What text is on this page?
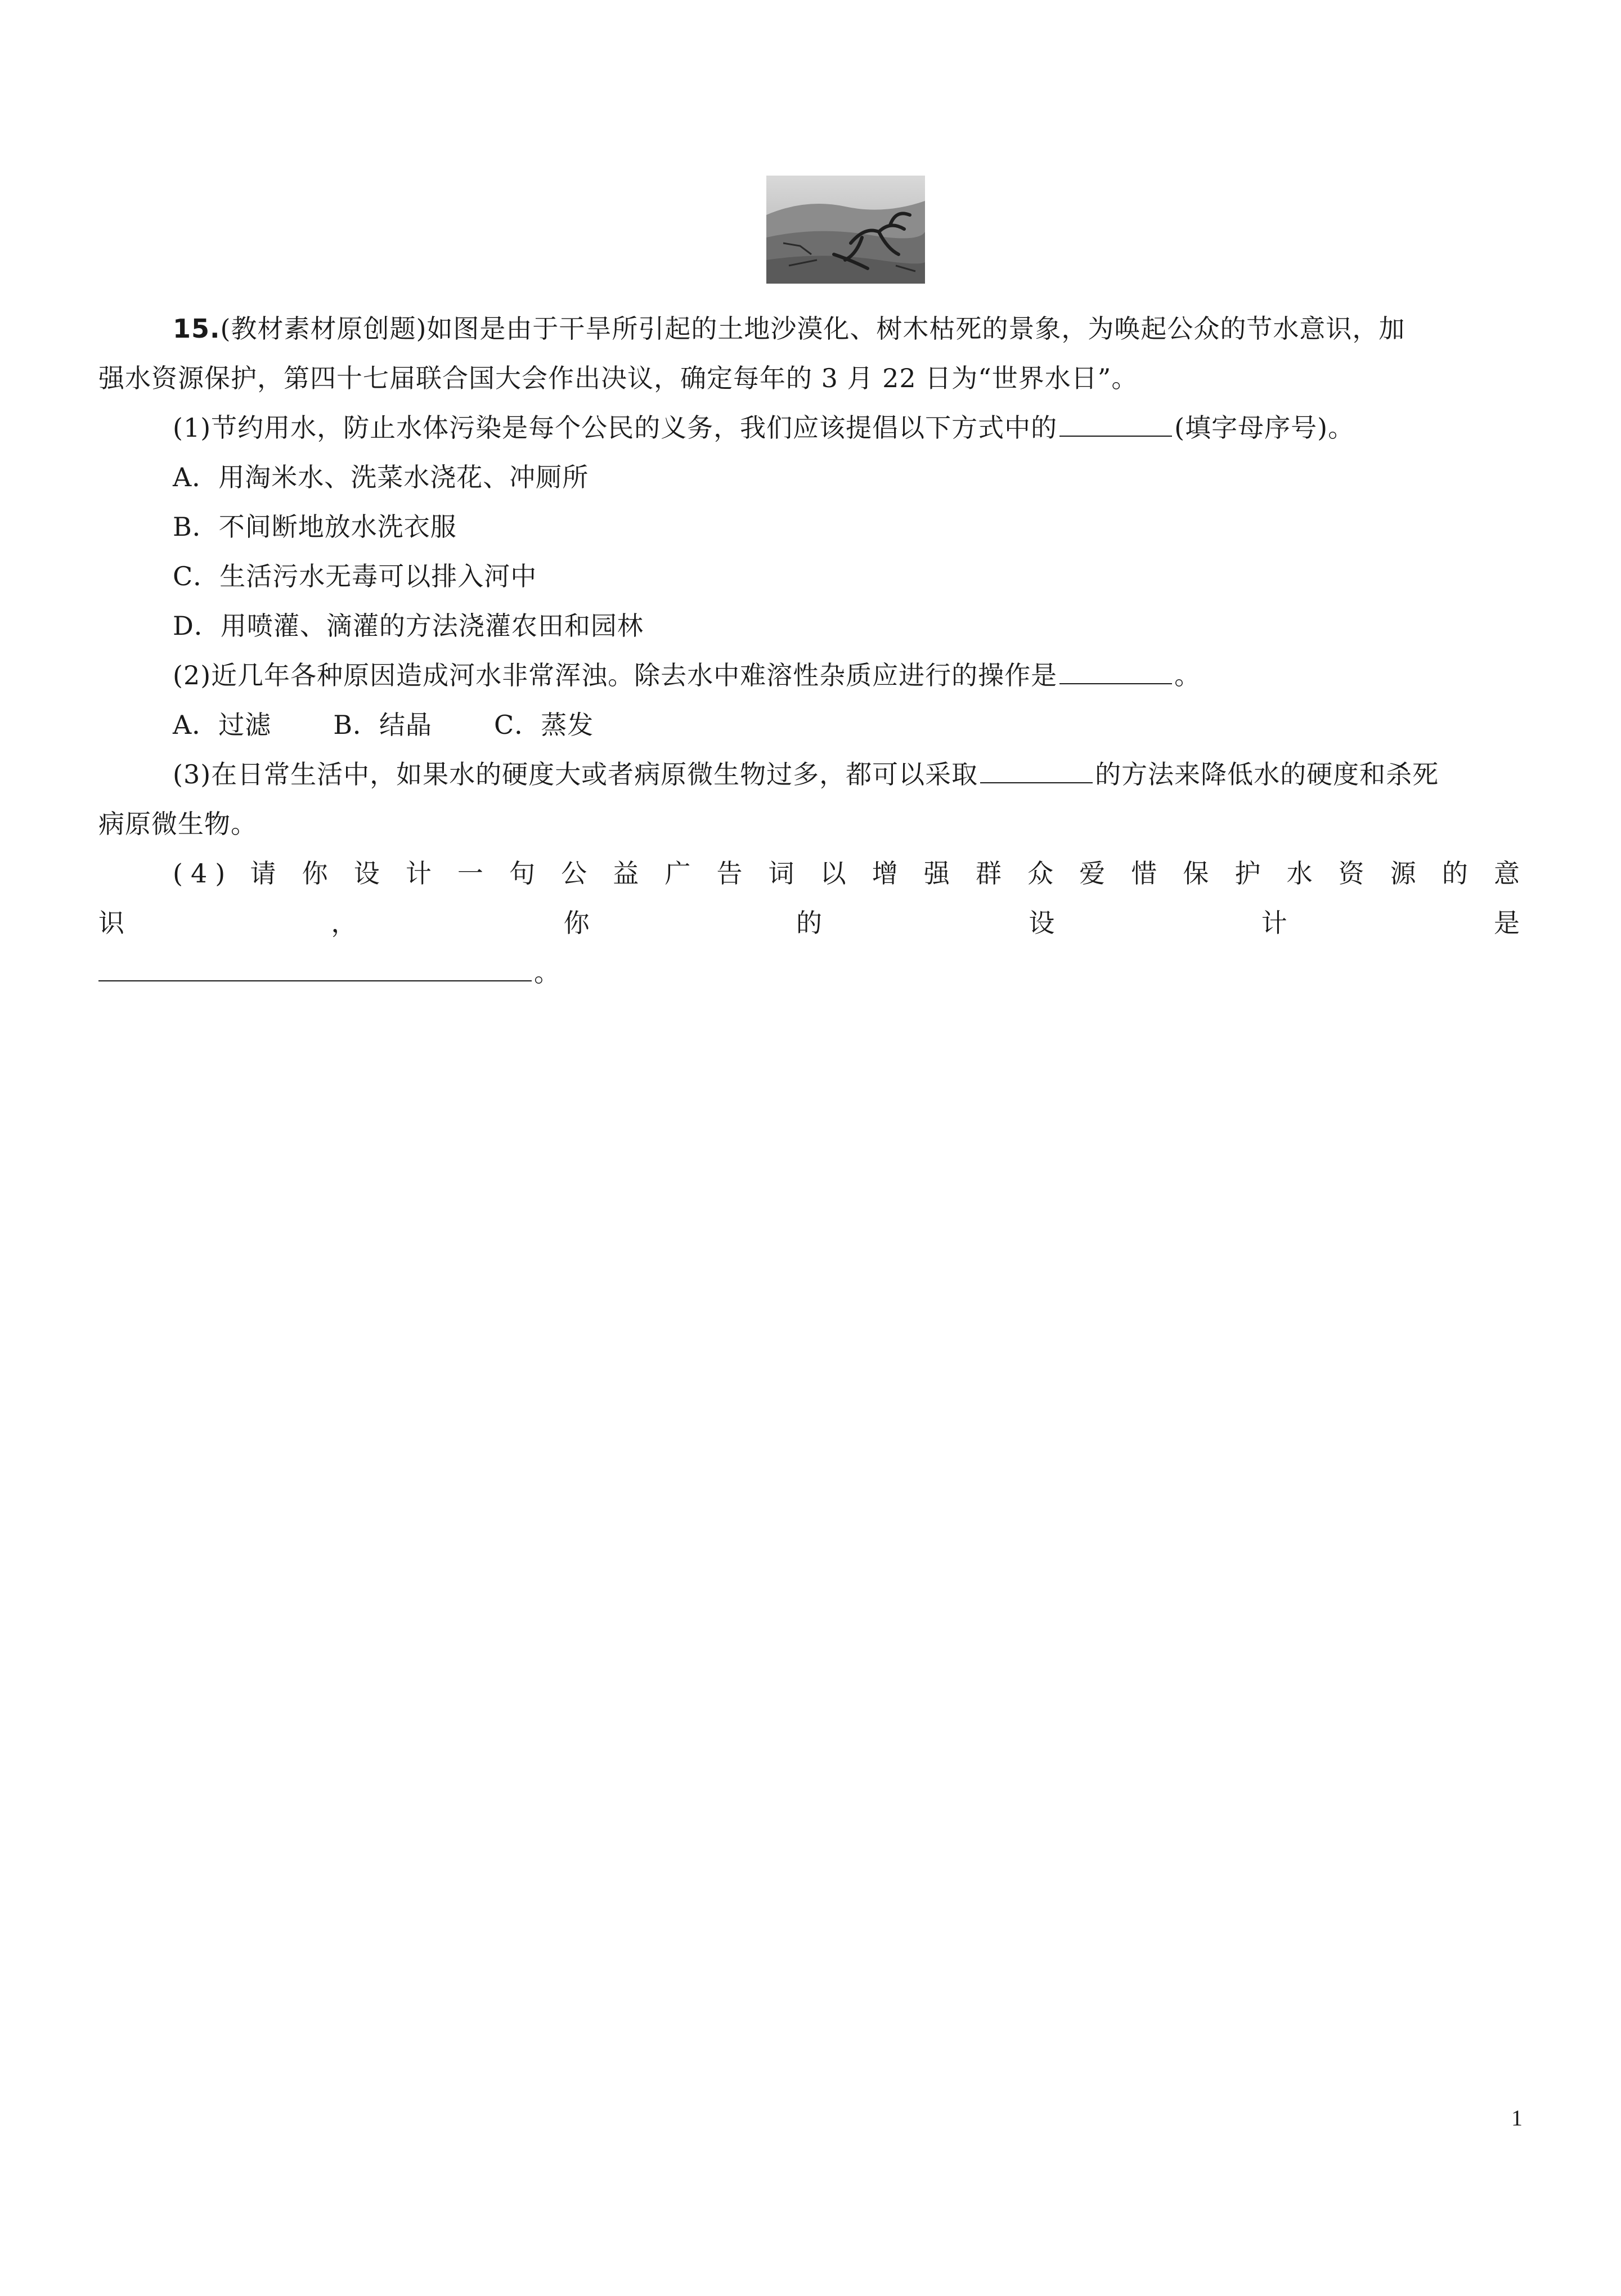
15.(教材素材原创题)如图是由于干旱所引起的土地沙漠化、树木枯死的景象，为唤起公众的节水意识，加

强水资源保护，第四十七届联合国大会作出决议，确定每年的 3 月 22 日为“世界水日”。

(1)节约用水，防止水体污染是每个公民的义务，我们应该提倡以下方式中的	(填字母序号)。

A．用淘米水、洗菜水浇花、冲厕所

B．不间断地放水洗衣服

C．生活污水无毒可以排入河中

D．用喷灌、滴灌的方法浇灌农田和园林

(2)近几年各种原因造成河水非常浑浊。除去水中难溶性杂质应进行的操作是	。

A．过滤 B．结晶 C．蒸发

(3)在日常生活中，如果水的硬度大或者病原微生物过多，都可以采取	的方法来降低水的硬度和杀死

病原微生物。

(4) 请 你 设 计 一 句 公 益 广 告 词 以 增 强 群 众 爱 惜 保 护 水 资 源 的 意 识 ， 你 的 设 计 是

。

1
